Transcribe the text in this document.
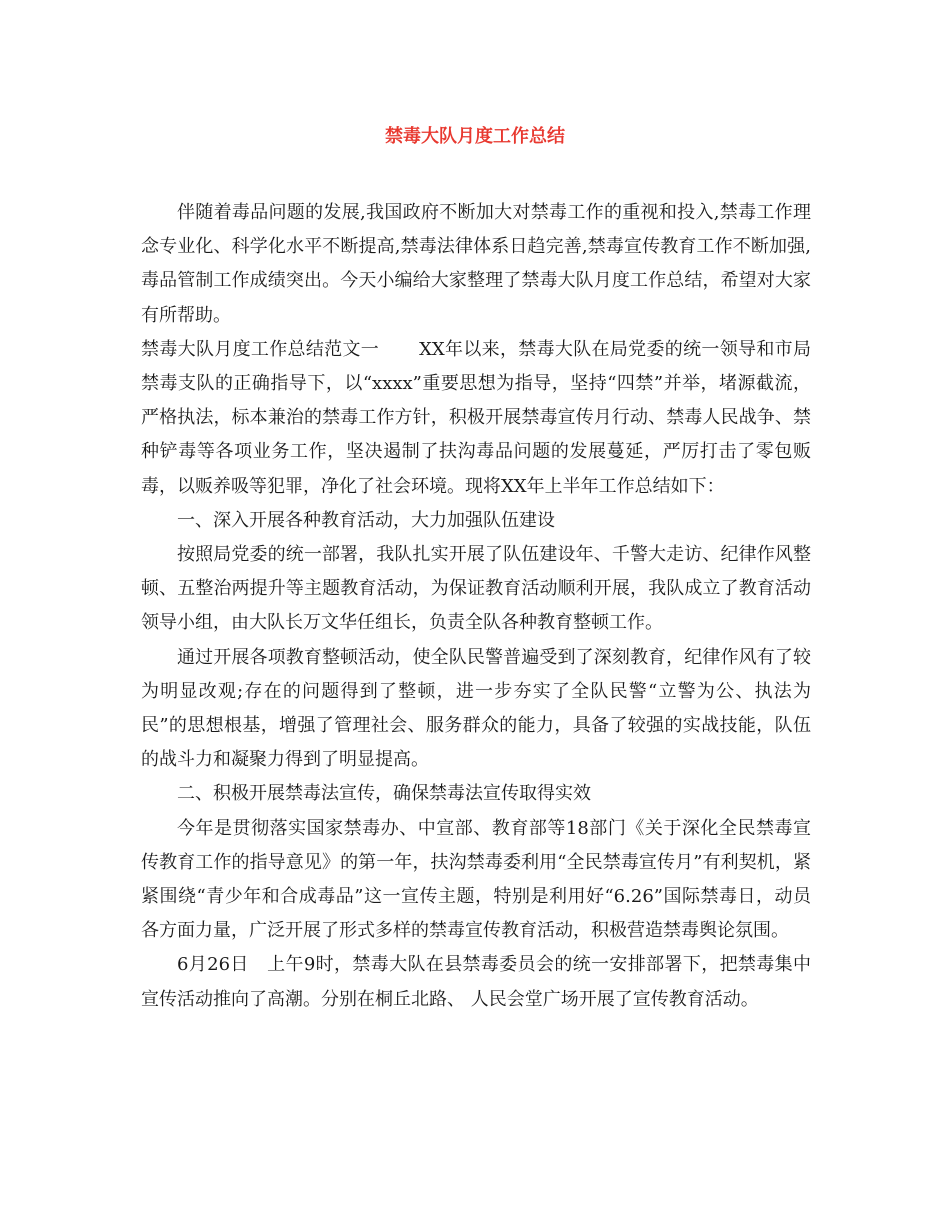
禁毒大队月度工作总结

伴随着毒品问题的发展,我国政府不断加大对禁毒工作的重视和投入,禁毒工作理念专业化、科学化水平不断提高,禁毒法律体系日趋完善,禁毒宣传教育工作不断加强,毒品管制工作成绩突出。今天小编给大家整理了禁毒大队月度工作总结，希望对大家有所帮助。

禁毒大队月度工作总结范文一 XX年以来，禁毒大队在局党委的统一领导和市局禁毒支队的正确指导下，以“xxxx”重要思想为指导，坚持“四禁”并举，堵源截流，严格执法，标本兼治的禁毒工作方针，积极开展禁毒宣传月行动、禁毒人民战争、禁种铲毒等各项业务工作，坚决遏制了扶沟毒品问题的发展蔓延，严厉打击了零包贩毒，以贩养吸等犯罪，净化了社会环境。现将XX年上半年工作总结如下：

一、深入开展各种教育活动，大力加强队伍建设

按照局党委的统一部署，我队扎实开展了队伍建设年、千警大走访、纪律作风整顿、五整治两提升等主题教育活动，为保证教育活动顺利开展，我队成立了教育活动领导小组，由大队长万文华任组长，负责全队各种教育整顿工作。

通过开展各项教育整顿活动，使全队民警普遍受到了深刻教育，纪律作风有了较为明显改观;存在的问题得到了整顿，进一步夯实了全队民警“立警为公、执法为民”的思想根基，增强了管理社会、服务群众的能力，具备了较强的实战技能，队伍的战斗力和凝聚力得到了明显提高。

二、积极开展禁毒法宣传，确保禁毒法宣传取得实效

今年是贯彻落实国家禁毒办、中宣部、教育部等18部门《关于深化全民禁毒宣传教育工作的指导意见》的第一年，扶沟禁毒委利用“全民禁毒宣传月”有利契机，紧紧围绕“青少年和合成毒品”这一宣传主题，特别是利用好“6.26”国际禁毒日，动员各方面力量，广泛开展了形式多样的禁毒宣传教育活动，积极营造禁毒舆论氛围。

6月26日 上午9时，禁毒大队在县禁毒委员会的统一安排部署下，把禁毒集中宣传活动推向了高潮。分别在桐丘北路、 人民会堂广场开展了宣传教育活动。
